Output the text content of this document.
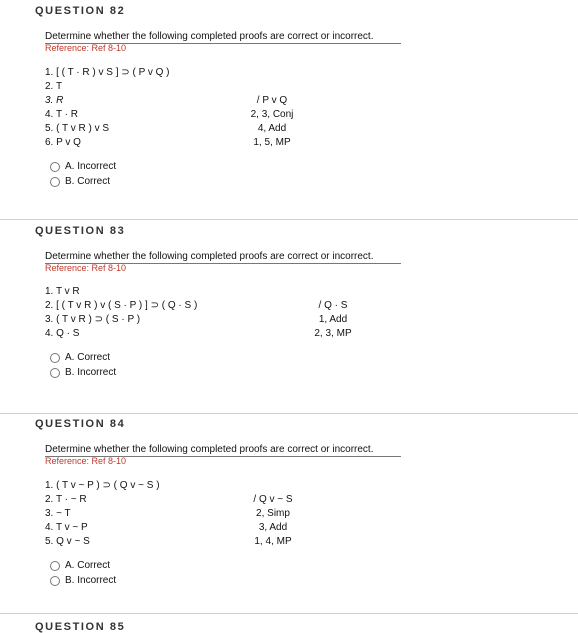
QUESTION 82
Determine whether the following completed proofs are correct or incorrect.
Reference: Ref 8-10
1. [ ( T · R ) v S ] ⊃ ( P v Q )
2. T
3. R
4. T · R
5. ( T v R ) v S
6. P v Q
/ P v Q
2, 3, Conj
4, Add
1, 5, MP
A. Incorrect
B. Correct
QUESTION 83
Determine whether the following completed proofs are correct or incorrect.
Reference: Ref 8-10
1. T v R
2. [ ( T v R ) v ( S · P ) ] ⊃ ( Q · S )
3. ( T v R ) ⊃ ( S · P )
4. Q · S
/ Q · S
1, Add
2, 3, MP
A. Correct
B. Incorrect
QUESTION 84
Determine whether the following completed proofs are correct or incorrect.
Reference: Ref 8-10
1. ( T v ~ P ) ⊃ ( Q v ~ S )
2. T · ~ R
3. ~ T
4. T v ~ P
5. Q v ~ S
/ Q v ~ S
2, Simp
3, Add
1, 4, MP
A. Correct
B. Incorrect
QUESTION 85
